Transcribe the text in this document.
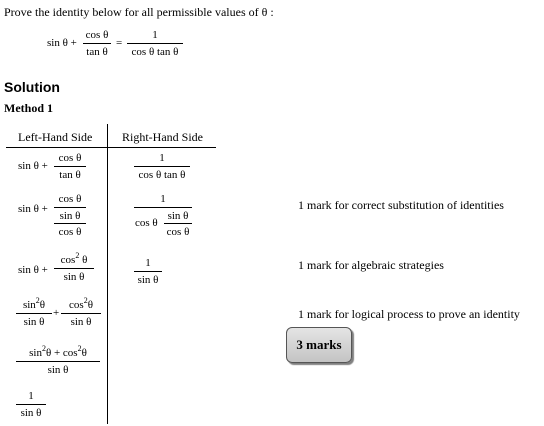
Prove the identity below for all permissible values of θ :
sin θ +
cos θ
tan θ
=
1
cos θ tan θ
Solution
Method 1
Left-Hand Side Right-Hand Side
sin θ +
cos θ
tan θ
sin θ +
cos θ
sin θ
cos θ
sin θ +
$\cos^2 \theta$
sin θ
$\sin^2\theta$
sin θ
+
$\cos^2\theta$
sin θ
$\sin^2\theta + \cos^2\theta$
sin θ
1
sin θ
1
cos θ tan θ
1
cos θ
sin θ
cos θ
1
sin θ
1 mark for correct substitution of identities
1 mark for algebraic strategies
1 mark for logical process to prove an identity
3 marks
